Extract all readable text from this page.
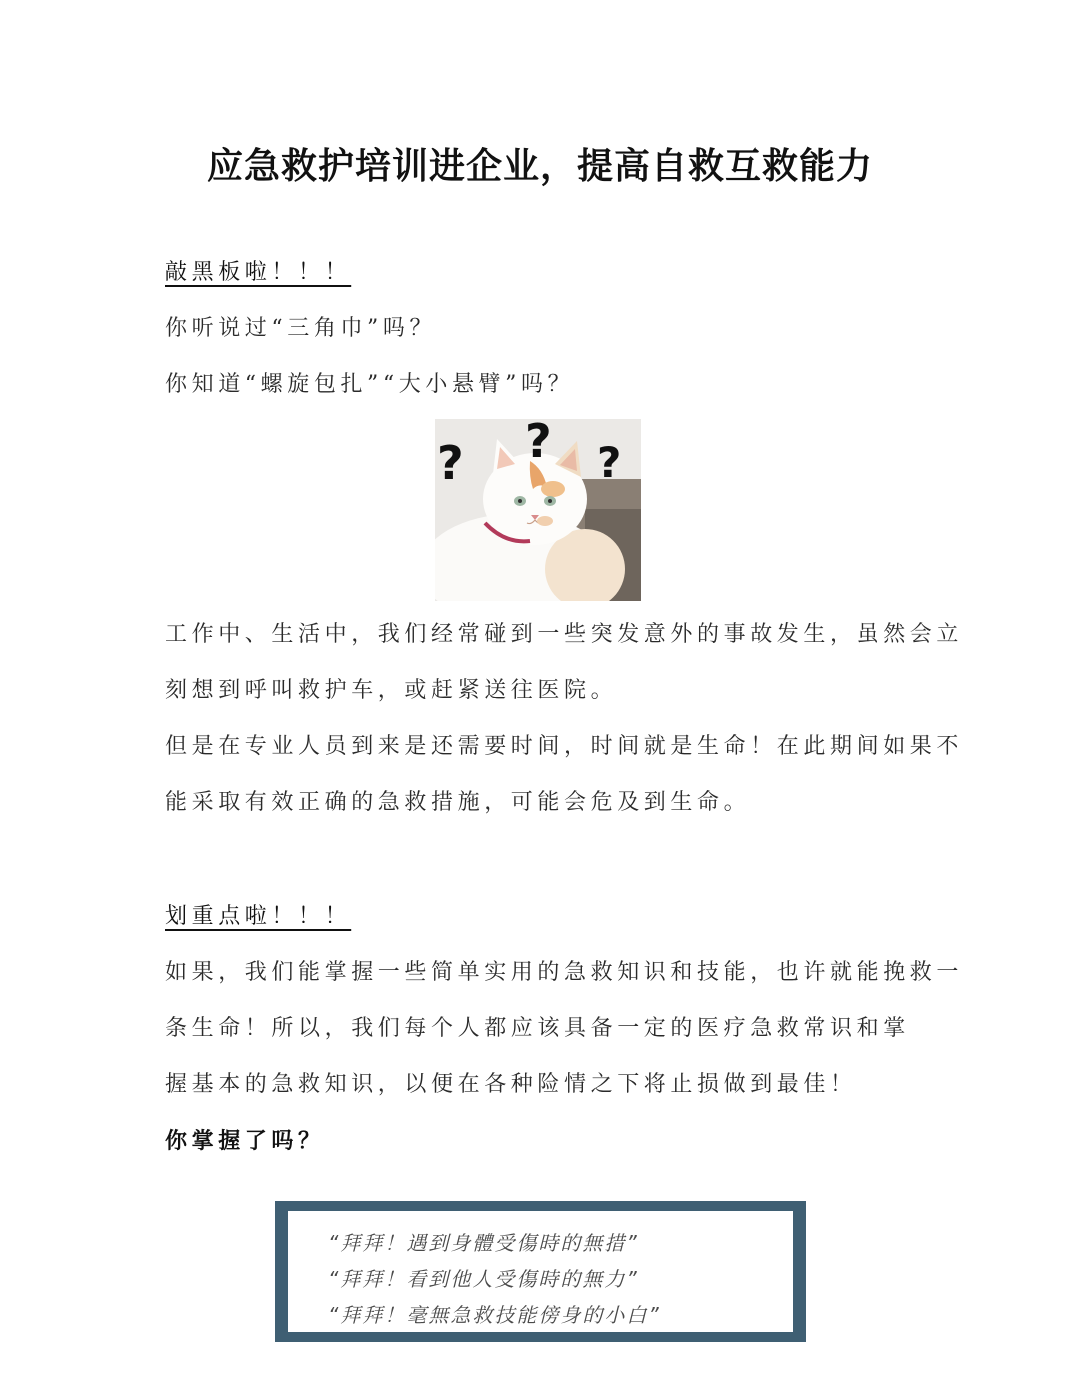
应急救护培训进企业，提高自救互救能力
敲黑板啦！！！
你听说过“三角巾”吗？
你知道“螺旋包扎”“大小悬臂”吗？
? ? ?
工作中、生活中，我们经常碰到一些突发意外的事故发生，虽然会立
刻想到呼叫救护车，或赶紧送往医院。
但是在专业人员到来是还需要时间，时间就是生命！在此期间如果不
能采取有效正确的急救措施，可能会危及到生命。
划重点啦！！！
如果，我们能掌握一些简单实用的急救知识和技能，也许就能挽救一
条生命！所以，我们每个人都应该具备一定的医疗急救常识和掌
握基本的急救知识，以便在各种险情之下将止损做到最佳！
你掌握了吗？
“拜拜！遇到身體受傷時的無措”
“拜拜！看到他人受傷時的無力”
“拜拜！毫無急救技能傍身的小白”
